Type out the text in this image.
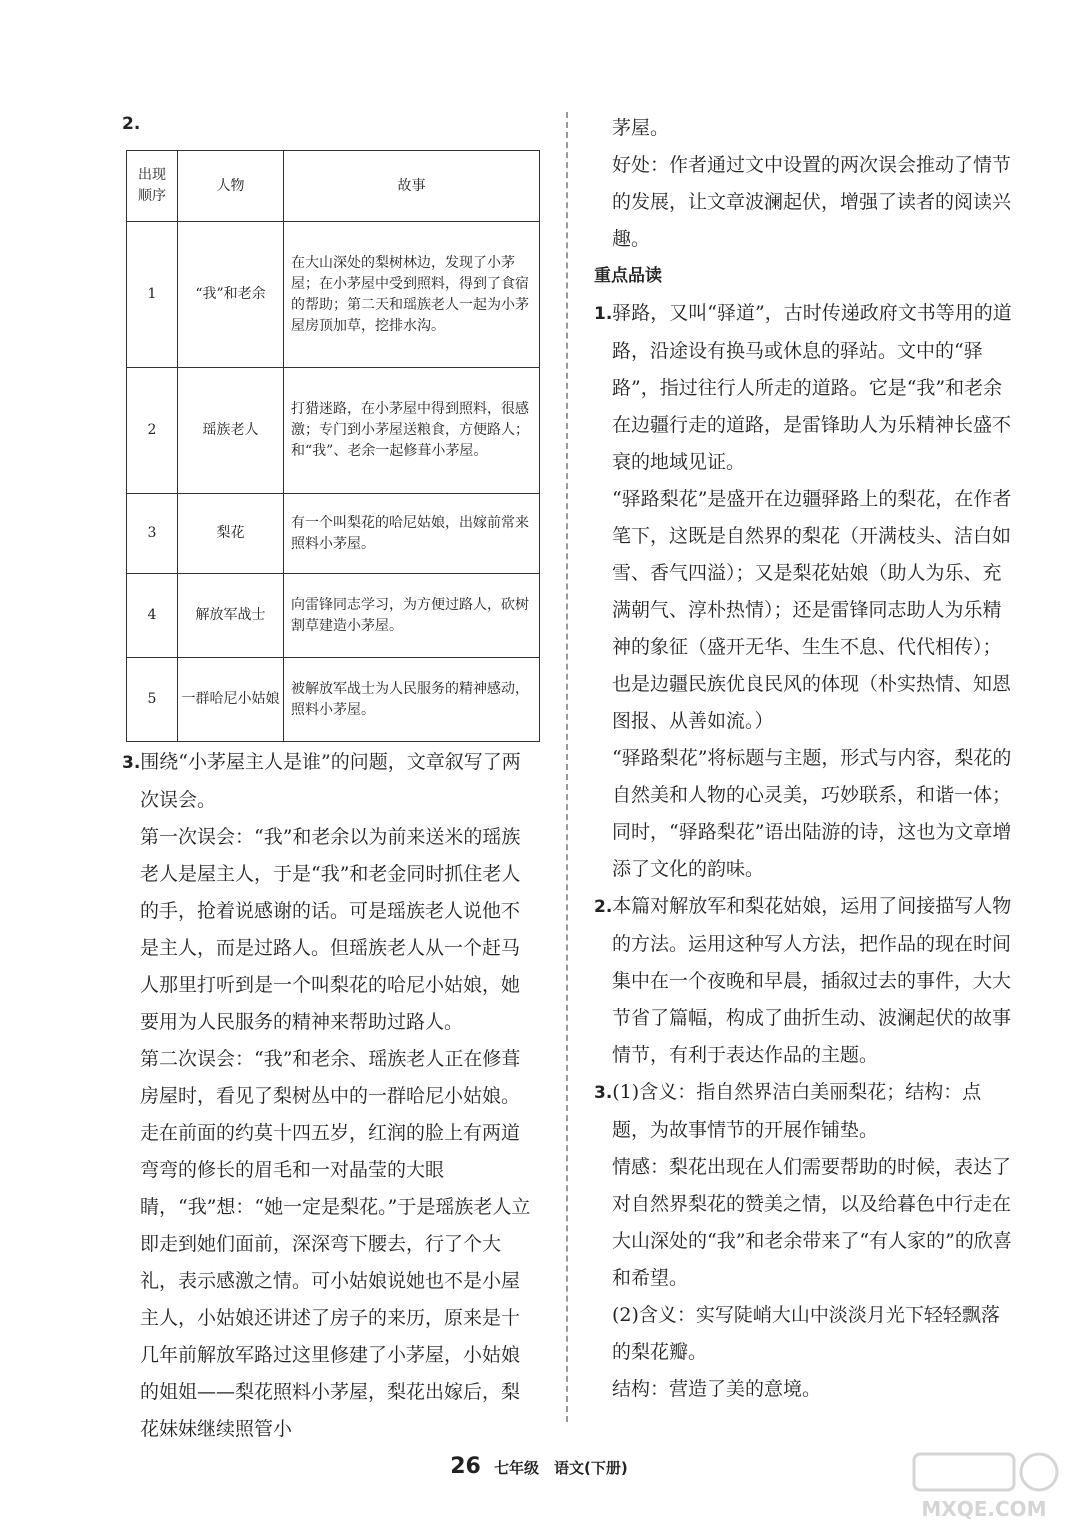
2.

出现
顺序	人物	故事
1	“我”和老余	在大山深处的梨树林边，发现了小茅屋；在小茅屋中受到照料，得到了食宿的帮助；第二天和瑶族老人一起为小茅屋房顶加草，挖排水沟。
2	瑶族老人	打猎迷路，在小茅屋中得到照料，很感激；专门到小茅屋送粮食，方便路人；和“我”、老余一起修葺小茅屋。
3	梨花	有一个叫梨花的哈尼姑娘，出嫁前常来照料小茅屋。
4	解放军战士	向雷锋同志学习，为方便过路人，砍树割草建造小茅屋。
5	一群哈尼小姑娘	被解放军战士为人民服务的精神感动，照料小茅屋。

3.围绕“小茅屋主人是谁”的问题，文章叙写了两次误会。

第一次误会：“我”和老余以为前来送米的瑶族老人是屋主人，于是“我”和老金同时抓住老人的手，抢着说感谢的话。可是瑶族老人说他不是主人，而是过路人。但瑶族老人从一个赶马人那里打听到是一个叫梨花的哈尼小姑娘，她要用为人民服务的精神来帮助过路人。

第二次误会：“我”和老余、瑶族老人正在修葺房屋时，看见了梨树丛中的一群哈尼小姑娘。走在前面的约莫十四五岁，红润的脸上有两道弯弯的修长的眉毛和一对晶莹的大眼睛，“我”想：“她一定是梨花。”于是瑶族老人立即走到她们面前，深深弯下腰去，行了个大礼，表示感激之情。可小姑娘说她也不是小屋主人，小姑娘还讲述了房子的来历，原来是十几年前解放军路过这里修建了小茅屋，小姑娘的姐姐——梨花照料小茅屋，梨花出嫁后，梨花妹妹继续照管小

茅屋。

好处：作者通过文中设置的两次误会推动了情节的发展，让文章波澜起伏，增强了读者的阅读兴趣。

重点品读

1.驿路，又叫“驿道”，古时传递政府文书等用的道路，沿途设有换马或休息的驿站。文中的“驿路”，指过往行人所走的道路。它是“我”和老余在边疆行走的道路，是雷锋助人为乐精神长盛不衰的地域见证。

“驿路梨花”是盛开在边疆驿路上的梨花，在作者笔下，这既是自然界的梨花（开满枝头、洁白如雪、香气四溢）；又是梨花姑娘（助人为乐、充满朝气、淳朴热情）；还是雷锋同志助人为乐精神的象征（盛开无华、生生不息、代代相传）；也是边疆民族优良民风的体现（朴实热情、知恩图报、从善如流。）

“驿路梨花”将标题与主题，形式与内容，梨花的自然美和人物的心灵美，巧妙联系，和谐一体；同时，“驿路梨花”语出陆游的诗，这也为文章增添了文化的韵味。

2.本篇对解放军和梨花姑娘，运用了间接描写人物的方法。运用这种写人方法，把作品的现在时间集中在一个夜晚和早晨，插叙过去的事件，大大节省了篇幅，构成了曲折生动、波澜起伏的故事情节，有利于表达作品的主题。

3.(1)含义：指自然界洁白美丽梨花；结构：点题，为故事情节的开展作铺垫。

情感：梨花出现在人们需要帮助的时候，表达了对自然界梨花的赞美之情，以及给暮色中行走在大山深处的“我”和老余带来了“有人家的”的欣喜和希望。

(2)含义：实写陡峭大山中淡淡月光下轻轻飘落的梨花瓣。

结构：营造了美的意境。

26 七年级 语文(下册)
MXQE.COM
